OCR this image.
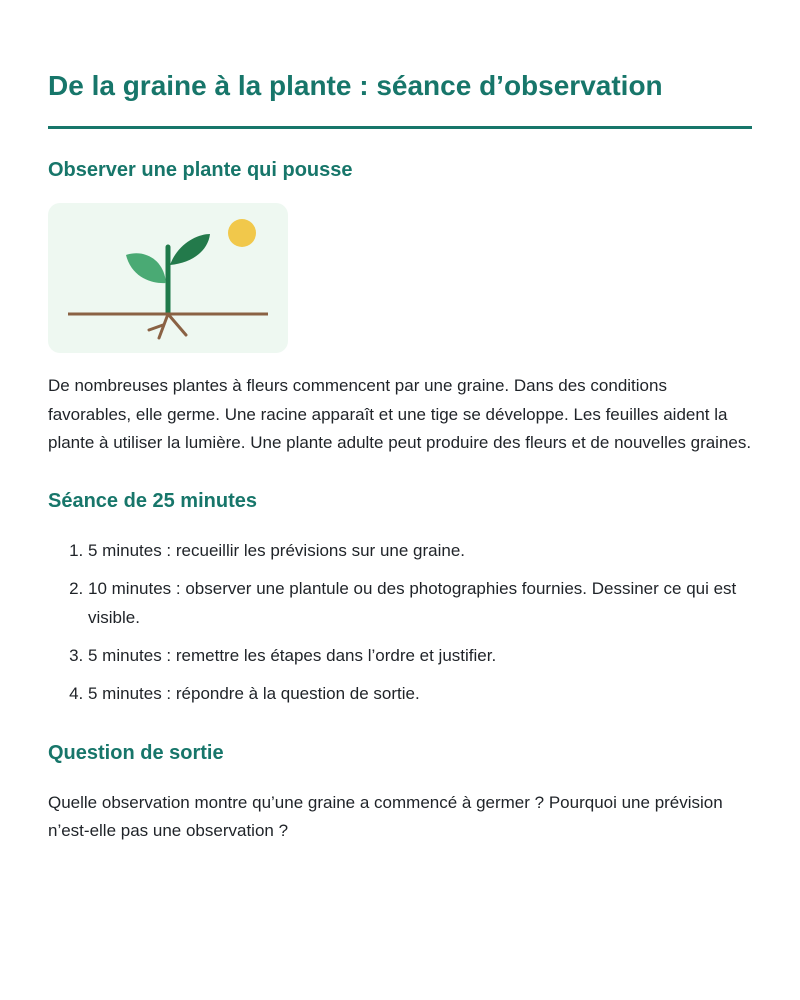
De la graine à la plante : séance d’observation
Observer une plante qui pousse

De nombreuses plantes à fleurs commencent par une graine. Dans des conditions favorables, elle germe. Une racine apparaît et une tige se développe. Les feuilles aident la plante à utiliser la lumière. Une plante adulte peut produire des fleurs et de nouvelles graines.

Séance de 25 minutes
1. 5 minutes : recueillir les prévisions sur une graine.
2. 10 minutes : observer une plantule ou des photographies fournies. Dessiner ce qui est visible.
3. 5 minutes : remettre les étapes dans l’ordre et justifier.
4. 5 minutes : répondre à la question de sortie.
Question de sortie

Quelle observation montre qu’une graine a commencé à germer ? Pourquoi une prévision n’est-elle pas une observation ?
